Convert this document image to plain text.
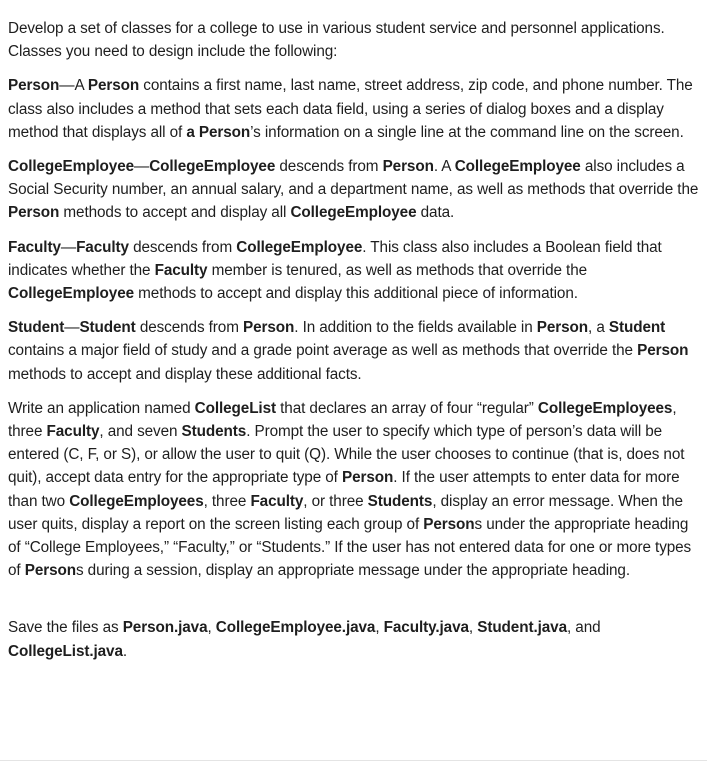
Develop a set of classes for a college to use in various student service and personnel applications. Classes you need to design include the following:

Person—A Person contains a first name, last name, street address, zip code, and phone number. The class also includes a method that sets each data field, using a series of dialog boxes and a display method that displays all of a Person’s information on a single line at the command line on the screen.

CollegeEmployee—CollegeEmployee descends from Person. A CollegeEmployee also includes a Social Security number, an annual salary, and a department name, as well as methods that override the Person methods to accept and display all CollegeEmployee data.

Faculty—Faculty descends from CollegeEmployee. This class also includes a Boolean field that indicates whether the Faculty member is tenured, as well as methods that override the CollegeEmployee methods to accept and display this additional piece of information.

Student—Student descends from Person. In addition to the fields available in Person, a Student contains a major field of study and a grade point average as well as methods that override the Person methods to accept and display these additional facts.

Write an application named CollegeList that declares an array of four “regular” CollegeEmployees, three Faculty, and seven Students. Prompt the user to specify which type of person’s data will be entered (C, F, or S), or allow the user to quit (Q). While the user chooses to continue (that is, does not quit), accept data entry for the appropriate type of Person. If the user attempts to enter data for more than two CollegeEmployees, three Faculty, or three Students, display an error message. When the user quits, display a report on the screen listing each group of Persons under the appropriate heading of “College Employees,” “Faculty,” or “Students.” If the user has not entered data for one or more types of Persons during a session, display an appropriate message under the appropriate heading.

Save the files as Person.java, CollegeEmployee.java, Faculty.java, Student.java, and CollegeList.java.
